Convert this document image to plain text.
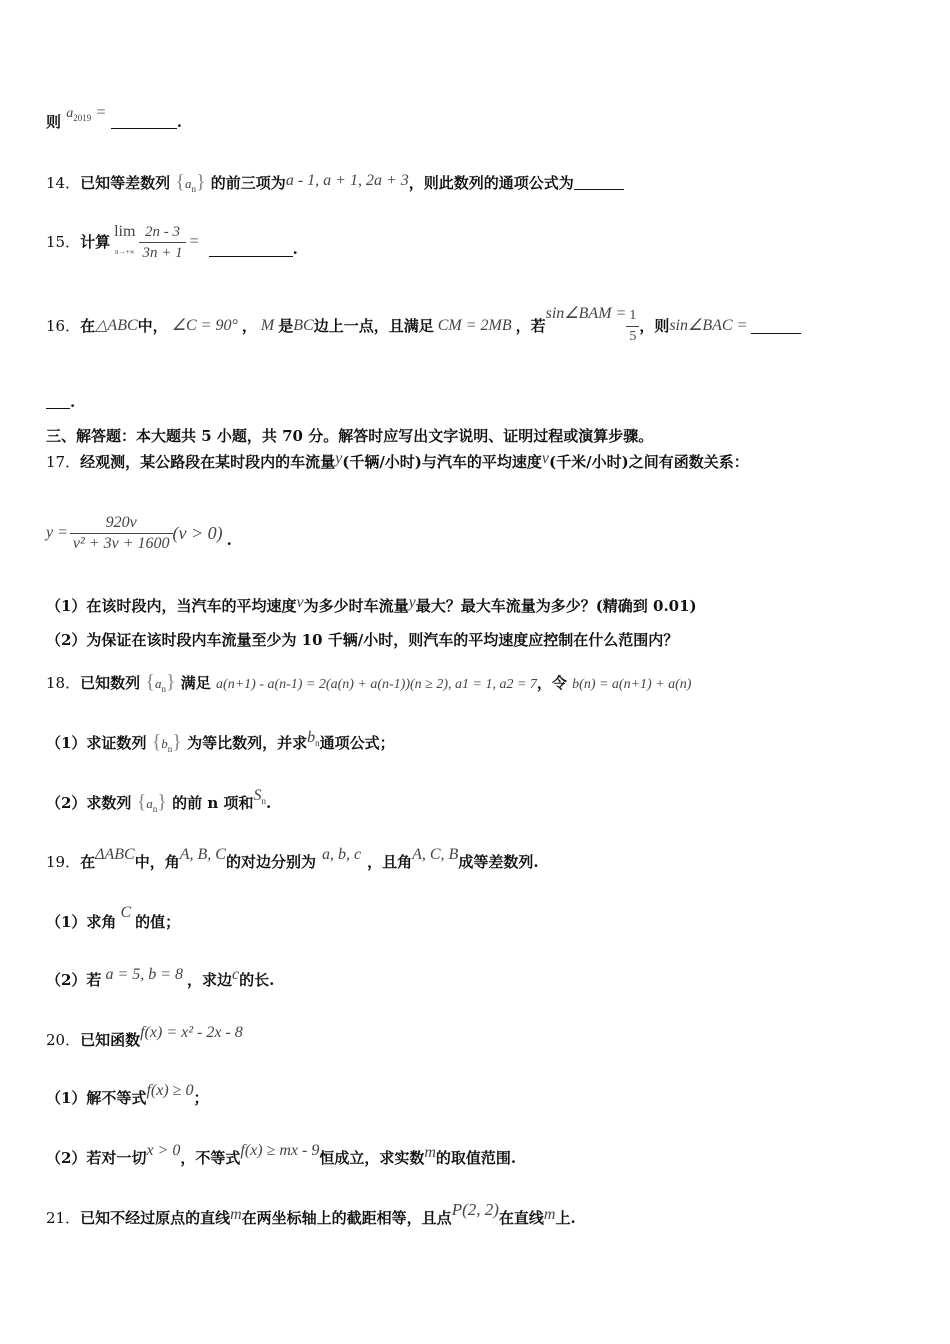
则 $a_{2019}$ = .
14．已知等差数列 $\{a_n\}$ 的前三项为a - 1, a + 1, 2a + 3，则此数列的通项公式为
15． 计算
lim
$n\to+\infty \frac{2n - 3}{3n + 1}$ =	.
16． 在 △ABC 中， ∠C = 90° ， M 是 BC 边上一点，且满足 CM = 2MB ，若
sin∠BAM = $\frac{1}{5}$ ，则 sin∠BAC =
.
三、解答题：本大题共 5 小题，共 70 分。解答时应写出文字说明、证明过程或演算步骤。
17．经观测，某公路段在某时段内的车流量y(千辆/小时)与汽车的平均速度v(千米/小时)之间有函数关系：
$y = \frac{920v}{\text{v² + 3v + 1600}} (v > 0)$ .
（1）在该时段内，当汽车的平均速度v为多少时车流量y最大？最大车流量为多少？(精确到 0.01)
（2）为保证在该时段内车流量至少为 10 千辆/小时，则汽车的平均速度应控制在什么范围内？
18．已知数列 $\{a_n\}$ 满足 a(n+1) - a(n-1) = 2(a(n) + a(n-1))(n ≥ 2), a1 = 1, a2 = 7，令 b(n) = a(n+1) + a(n)
（1）求证数列 $\{b_n\}$ 为等比数列，并求$b_n$通项公式；
（2）求数列 $\{a_n\}$ 的前 n 项和$S_n$.
19．在ΔABC中，角A, B, C的对边分别为 a, b, c ，且角A, C, B成等差数列.
（1）求角C的值；
（2）若 a = 5, b = 8 ，求边c的长.
20．已知函数f(x) = x² - 2x - 8
（1）解不等式f(x) ≥ 0；
（2）若对一切x > 0，不等式f(x) ≥ mx - 9恒成立，求实数m的取值范围.
21．已知不经过原点的直线m在两坐标轴上的截距相等，且点P(2, 2)在直线m上.
